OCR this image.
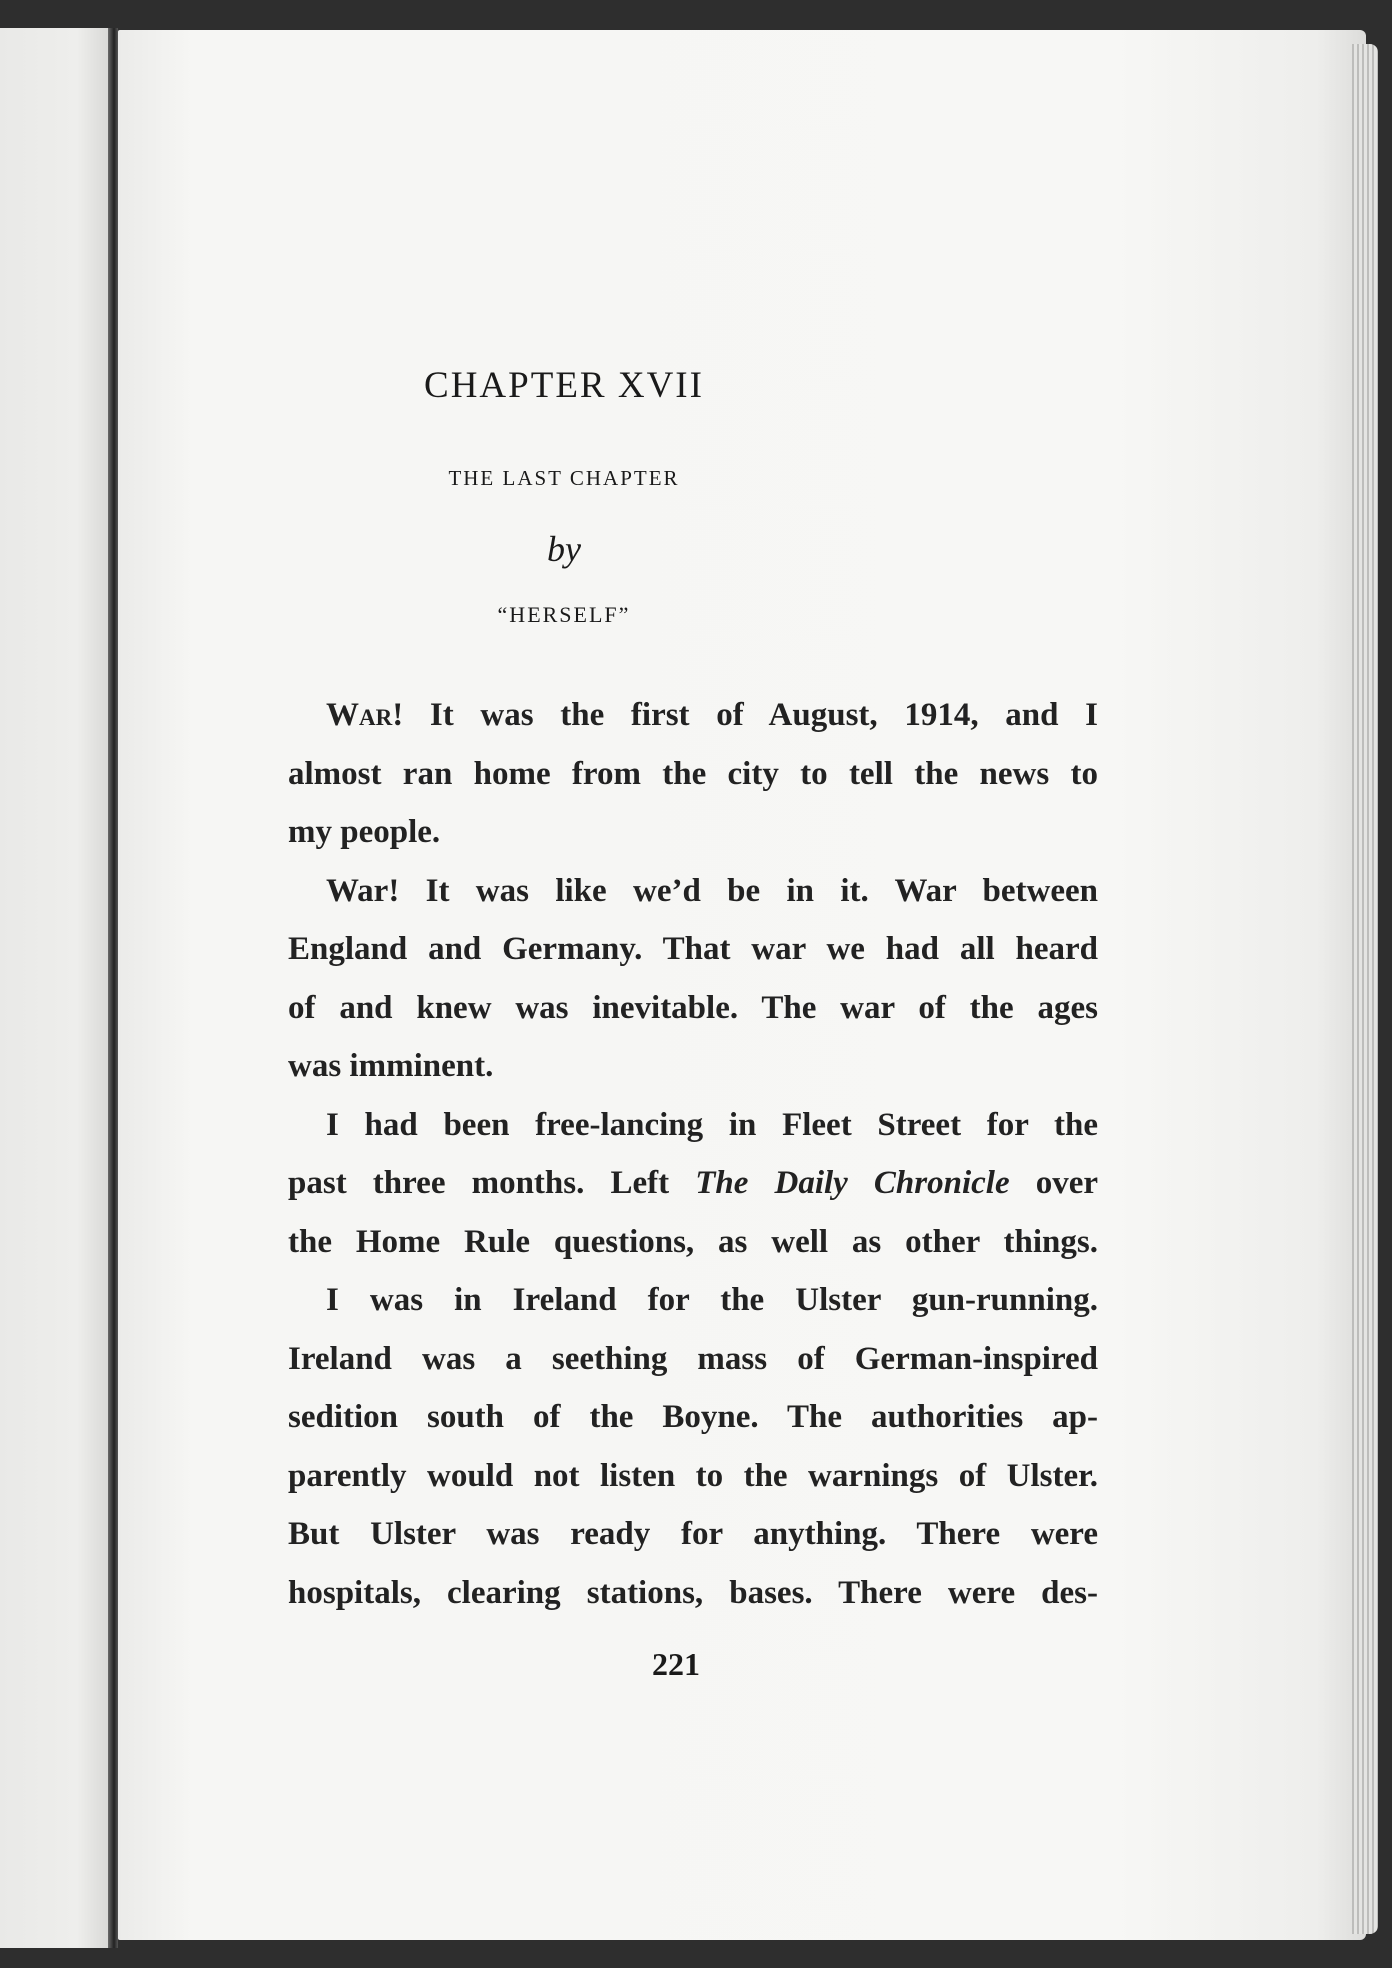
CHAPTER XVII
THE LAST CHAPTER
by
“HERSELF”
War! It was the first of August, 1914, and I
almost ran home from the city to tell the news to
my people.
War! It was like we’d be in it. War between
England and Germany. That war we had all heard
of and knew was inevitable. The war of the ages
was imminent.
I had been free-lancing in Fleet Street for the
past three months. Left The Daily Chronicle over
the Home Rule questions, as well as other things.
I was in Ireland for the Ulster gun-running.
Ireland was a seething mass of German-inspired
sedition south of the Boyne. The authorities ap-
parently would not listen to the warnings of Ulster.
But Ulster was ready for anything. There were
hospitals, clearing stations, bases. There were des-
221
